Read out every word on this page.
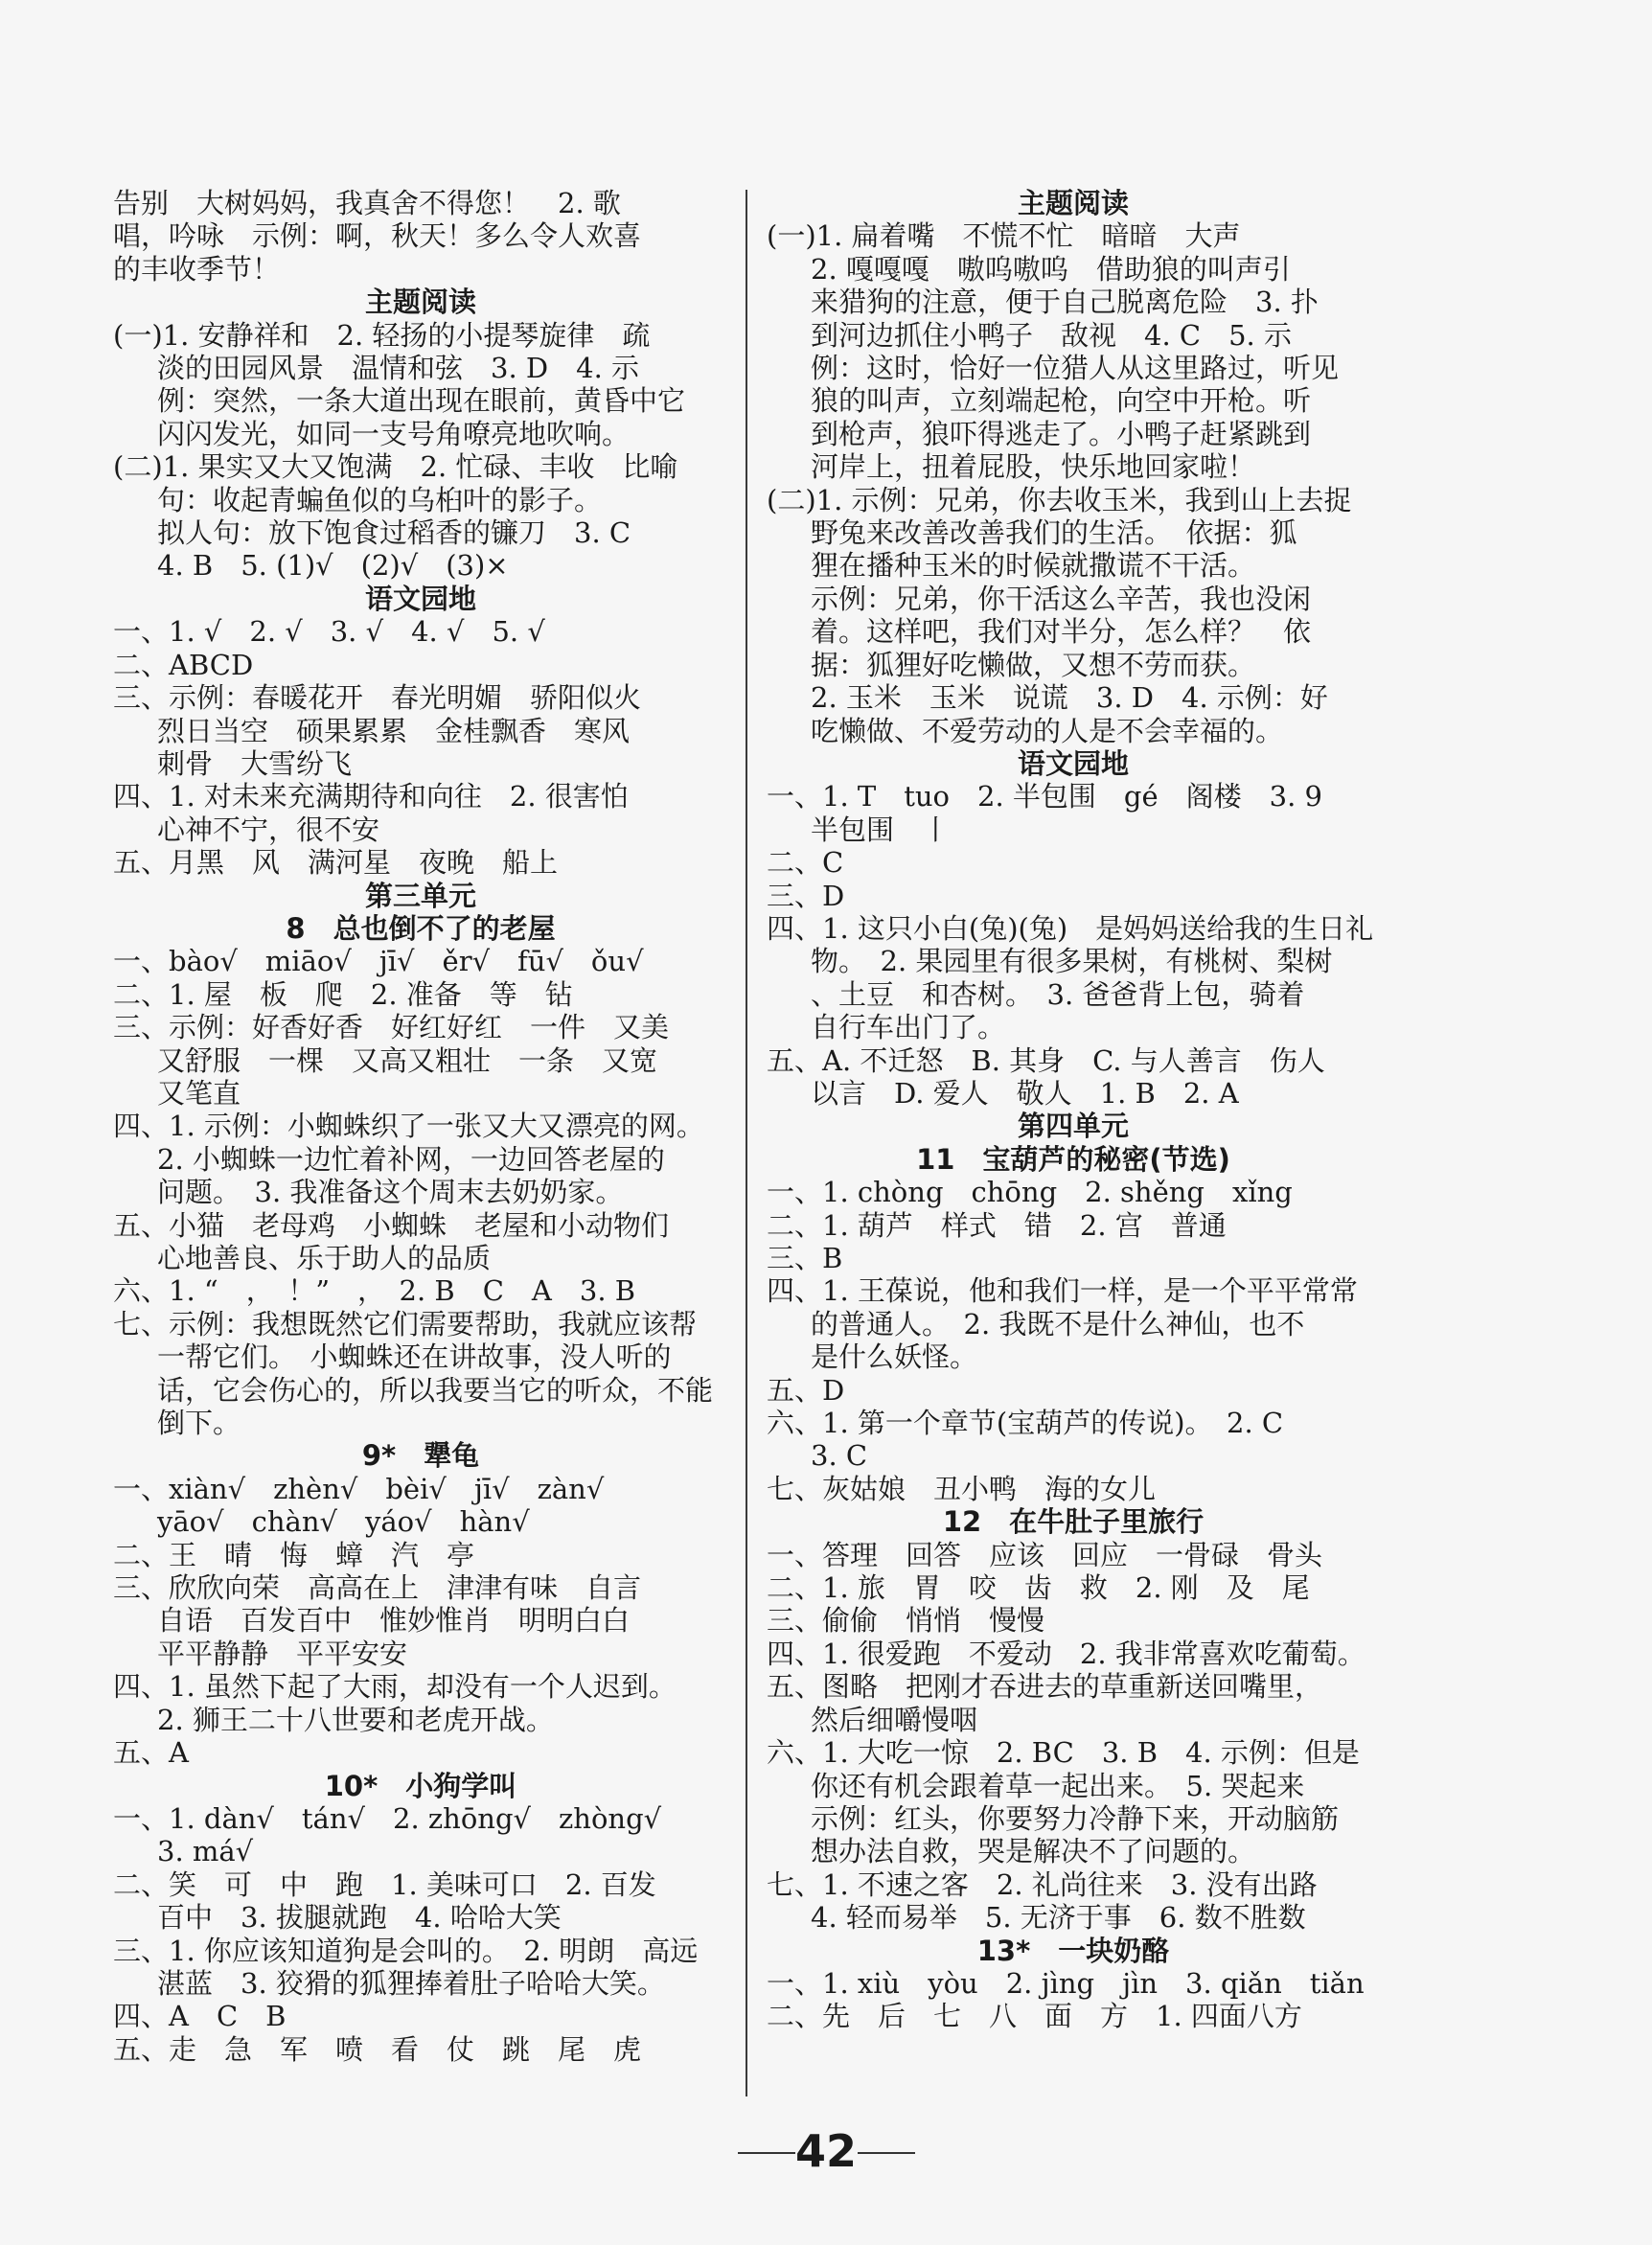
告别　大树妈妈，我真舍不得您！　2. 歌
唱，吟咏　示例：啊，秋天！多么令人欢喜
的丰收季节！
主题阅读
(一)1. 安静祥和　2. 轻扬的小提琴旋律　疏
淡的田园风景　温情和弦　3. D　4. 示
例：突然，一条大道出现在眼前，黄昏中它
闪闪发光，如同一支号角嘹亮地吹响。
(二)1. 果实又大又饱满　2. 忙碌、丰收　比喻
句：收起青蝙鱼似的乌桕叶的影子。
拟人句：放下饱食过稻香的镰刀　3. C
4. B　5. (1)√　(2)√　(3)×
语文园地
一、1. √　2. √　3. √　4. √　5. √
二、ABCD
三、示例：春暖花开　春光明媚　骄阳似火
烈日当空　硕果累累　金桂飘香　寒风
刺骨　大雪纷飞
四、1. 对未来充满期待和向往　2. 很害怕
心神不宁，很不安
五、月黑　风　满河星　夜晚　船上
第三单元
8　总也倒不了的老屋
一、bào√　miāo√　jī√　ěr√　fū√　ǒu√
二、1. 屋　板　爬　2. 准备　等　钻
三、示例：好香好香　好红好红　一件　又美
又舒服　一棵　又高又粗壮　一条　又宽
又笔直
四、1. 示例：小蜘蛛织了一张又大又漂亮的网。
2. 小蜘蛛一边忙着补网，一边回答老屋的
问题。　3. 我准备这个周末去奶奶家。
五、小猫　老母鸡　小蜘蛛　老屋和小动物们
心地善良、乐于助人的品质
六、1. “　，　！”　，　2. B　C　A　3. B
七、示例：我想既然它们需要帮助，我就应该帮
一帮它们。　小蜘蛛还在讲故事，没人听的
话，它会伤心的，所以我要当它的听众，不能
倒下。
9*　犟龟
一、xiàn√　zhèn√　bèi√　jī√　zàn√
yāo√　chàn√　yáo√　hàn√
二、王　晴　悔　蟑　汽　亭
三、欣欣向荣　高高在上　津津有味　自言
自语　百发百中　惟妙惟肖　明明白白
平平静静　平平安安
四、1. 虽然下起了大雨，却没有一个人迟到。
2. 狮王二十八世要和老虎开战。
五、A
10*　小狗学叫
一、1. dàn√　tán√　2. zhōng√　zhòng√
3. má√
二、笑　可　中　跑　1. 美味可口　2. 百发
百中　3. 拔腿就跑　4. 哈哈大笑
三、1. 你应该知道狗是会叫的。　2. 明朗　高远
湛蓝　3. 狡猾的狐狸捧着肚子哈哈大笑。
四、A　C　B
五、走　急　军　喷　看　仗　跳　尾　虎
主题阅读
(一)1. 扁着嘴　不慌不忙　暗暗　大声
2. 嘎嘎嘎　嗷呜嗷呜　借助狼的叫声引
来猎狗的注意，便于自己脱离危险　3. 扑
到河边抓住小鸭子　敌视　4. C　5. 示
例：这时，恰好一位猎人从这里路过，听见
狼的叫声，立刻端起枪，向空中开枪。听
到枪声，狼吓得逃走了。小鸭子赶紧跳到
河岸上，扭着屁股，快乐地回家啦！
(二)1. 示例：兄弟，你去收玉米，我到山上去捉
野兔来改善改善我们的生活。　依据：狐
狸在播种玉米的时候就撒谎不干活。
示例：兄弟，你干活这么辛苦，我也没闲
着。这样吧，我们对半分，怎么样？　依
据：狐狸好吃懒做，又想不劳而获。
2. 玉米　玉米　说谎　3. D　4. 示例：好
吃懒做、不爱劳动的人是不会幸福的。
语文园地
一、1. T　tuo　2. 半包围　gé　阁楼　3. 9
半包围　丨
二、C
三、D
四、1. 这只小白(兔)(兔)　是妈妈送给我的生日礼
物。　2. 果园里有很多果树，有桃树、梨树
、土豆　和杏树。　3. 爸爸背上包，骑着
自行车出门了。
五、A. 不迁怒　B. 其身　C. 与人善言　伤人
以言　D. 爱人　敬人　1. B　2. A
第四单元
11　宝葫芦的秘密(节选)
一、1. chòng　chōng　2. shěng　xǐng
二、1. 葫芦　样式　错　2. 宫　普通
三、B
四、1. 王葆说，他和我们一样，是一个平平常常
的普通人。　2. 我既不是什么神仙，也不
是什么妖怪。
五、D
六、1. 第一个章节(宝葫芦的传说)。　2. C
3. C
七、灰姑娘　丑小鸭　海的女儿
12　在牛肚子里旅行
一、答理　回答　应该　回应　一骨碌　骨头
二、1. 旅　胃　咬　齿　救　2. 刚　及　尾
三、偷偷　悄悄　慢慢
四、1. 很爱跑　不爱动　2. 我非常喜欢吃葡萄。
五、图略　把刚才吞进去的草重新送回嘴里，
然后细嚼慢咽
六、1. 大吃一惊　2. BC　3. B　4. 示例：但是
你还有机会跟着草一起出来。　5. 哭起来
示例：红头，你要努力冷静下来，开动脑筋
想办法自救，哭是解决不了问题的。
七、1. 不速之客　2. 礼尚往来　3. 没有出路
4. 轻而易举　5. 无济于事　6. 数不胜数
13*　一块奶酪
一、1. xiù　yòu　2. jìng　jìn　3. qiǎn　tiǎn
二、先　后　七　八　面　方　1. 四面八方
42
